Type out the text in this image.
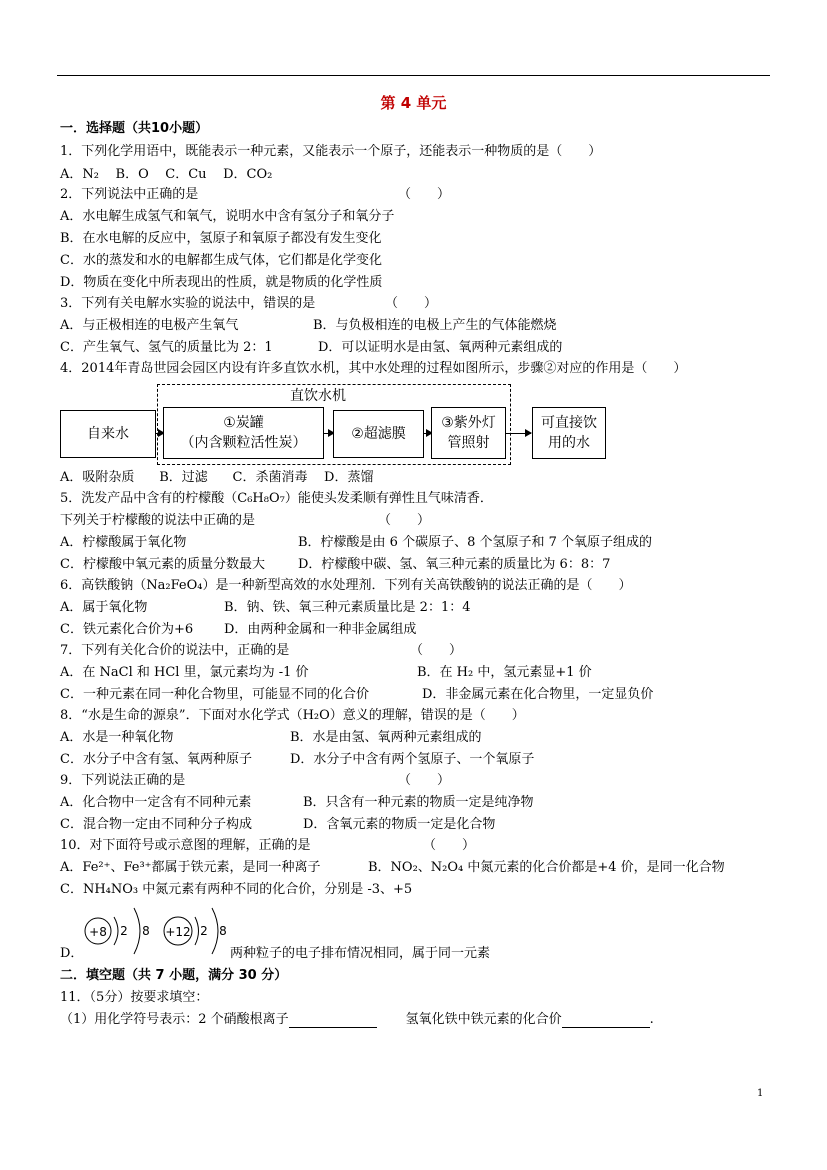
第 4 单元
一．选择题（共10小题）
1．下列化学用语中，既能表示一种元素，又能表示一个原子，还能表示一种物质的是（　　）
A．N₂ B．O C．Cu D．CO₂
2．下列说法中正确的是	（　　）
A．水电解生成氢气和氧气，说明水中含有氢分子和氧分子
B．在水电解的反应中，氢原子和氧原子都没有发生变化
C．水的蒸发和水的电解都生成气体，它们都是化学变化
D．物质在变化中所表现出的性质，就是物质的化学性质
3．下列有关电解水实验的说法中，错误的是	（　　）
A．与正极相连的电极产生氧气	B．与负极相连的电极上产生的气体能燃烧
C．产生氧气、氢气的质量比为 2：1	D．可以证明水是由氢、氧两种元素组成的
4．2014年青岛世园会园区内设有许多直饮水机，其中水处理的过程如图所示，步骤②对应的作用是（　　）
直饮水机
自来水
①炭罐
（内含颗粒活性炭）
②超滤膜
③紫外灯
管照射
可直接饮
用的水
A．吸附杂质 B．过滤 C．杀菌消毒 D．蒸馏
5．洗发产品中含有的柠檬酸（C₆H₈O₇）能使头发柔顺有弹性且气味清香．
下列关于柠檬酸的说法中正确的是	（　　）
A．柠檬酸属于氧化物	B．柠檬酸是由 6 个碳原子、8 个氢原子和 7 个氧原子组成的
C．柠檬酸中氧元素的质量分数最大	D．柠檬酸中碳、氢、氧三种元素的质量比为 6：8：7
6．高铁酸钠（Na₂FeO₄）是一种新型高效的水处理剂．下列有关高铁酸钠的说法正确的是（　　）
A．属于氧化物	B．钠、铁、氧三种元素质量比是 2：1：4
C．铁元素化合价为+6 D．由两种金属和一种非金属组成
7．下列有关化合价的说法中，正确的是	（　　）
A．在 NaCl 和 HCl 里，氯元素均为 -1 价	B．在 H₂ 中，氢元素显+1 价
C．一种元素在同一种化合物里，可能显不同的化合价	D．非金属元素在化合物里，一定显负价
8．“水是生命的源泉”．下面对水化学式（H₂O）意义的理解，错误的是（　　）
A．水是一种氧化物	B．水是由氢、氧两种元素组成的
C．水分子中含有氢、氧两种原子	D．水分子中含有两个氢原子、一个氧原子
9．下列说法正确的是	（　　）
A．化合物中一定含有不同种元素	B．只含有一种元素的物质一定是纯净物
C．混合物一定由不同种分子构成	D．含氧元素的物质一定是化合物
10．对下面符号或示意图的理解，正确的是	（　　）
A．Fe²⁺、Fe³⁺都属于铁元素，是同一种离子	B．NO₂、N₂O₄ 中氮元素的化合价都是+4 价，是同一化合物
C．NH₄NO₃ 中氮元素有两种不同的化合价，分别是 -3、+5
+8 2 8 +12 2 8
D．	两种粒子的电子排布情况相同，属于同一元素
二．填空题（共 7 小题，满分 30 分）
11．（5分）按要求填空：
（1）用化学符号表示：2 个硝酸根离子	氢氧化铁中铁元素的化合价	.
1
